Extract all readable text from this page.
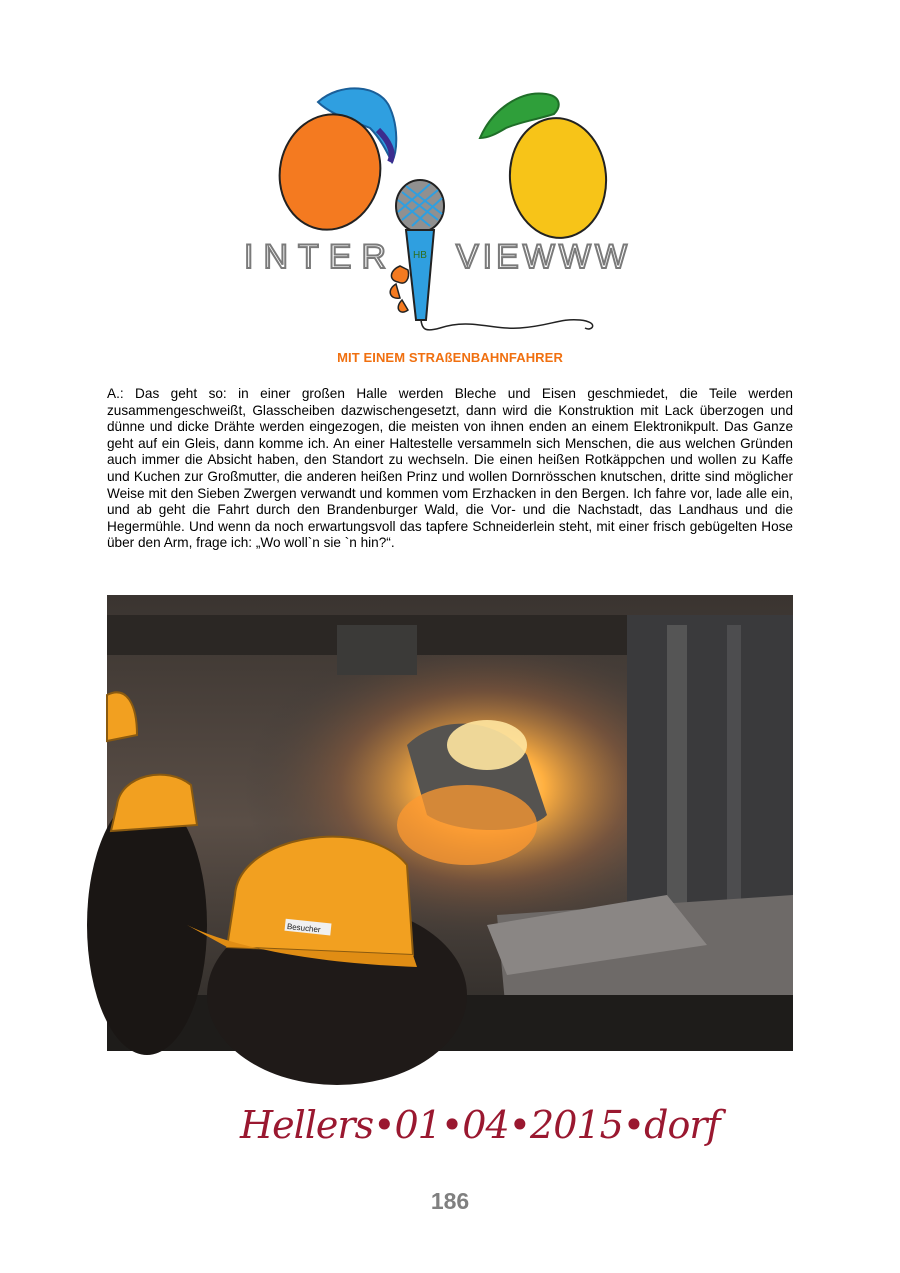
HB
INTER VIEWWW
MIT EINEM STRAßENBAHNFAHRER

A.: Das geht so: in einer großen Halle werden Bleche und Eisen geschmiedet, die Teile werden zusammengeschweißt, Glasscheiben dazwischengesetzt, dann wird die Konstruktion mit Lack überzogen und dünne und dicke Drähte werden eingezogen, die meisten von ihnen enden an einem Elektronikpult. Das Ganze geht auf ein Gleis, dann komme ich. An einer Haltestelle versammeln sich Menschen, die aus welchen Gründen auch immer die Absicht haben, den Standort zu wechseln. Die einen heißen Rotkäppchen und wollen zu Kaffe und Kuchen zur Großmutter, die anderen heißen Prinz und wollen Dornrösschen knutschen, dritte sind möglicher Weise mit den Sieben Zwergen verwandt und kommen vom Erzhacken in den Bergen. Ich fahre vor, lade alle ein, und ab geht die Fahrt durch den Brandenburger Wald, die Vor- und die Nachstadt, das Landhaus und die Hegermühle. Und wenn da noch erwartungsvoll das tapfere Schneiderlein steht, mit einer frisch gebügelten Hose über den Arm, frage ich: „Wo woll`n sie `n hin?“.

Besucher
Hellers•01•04•2015•dorf
186
